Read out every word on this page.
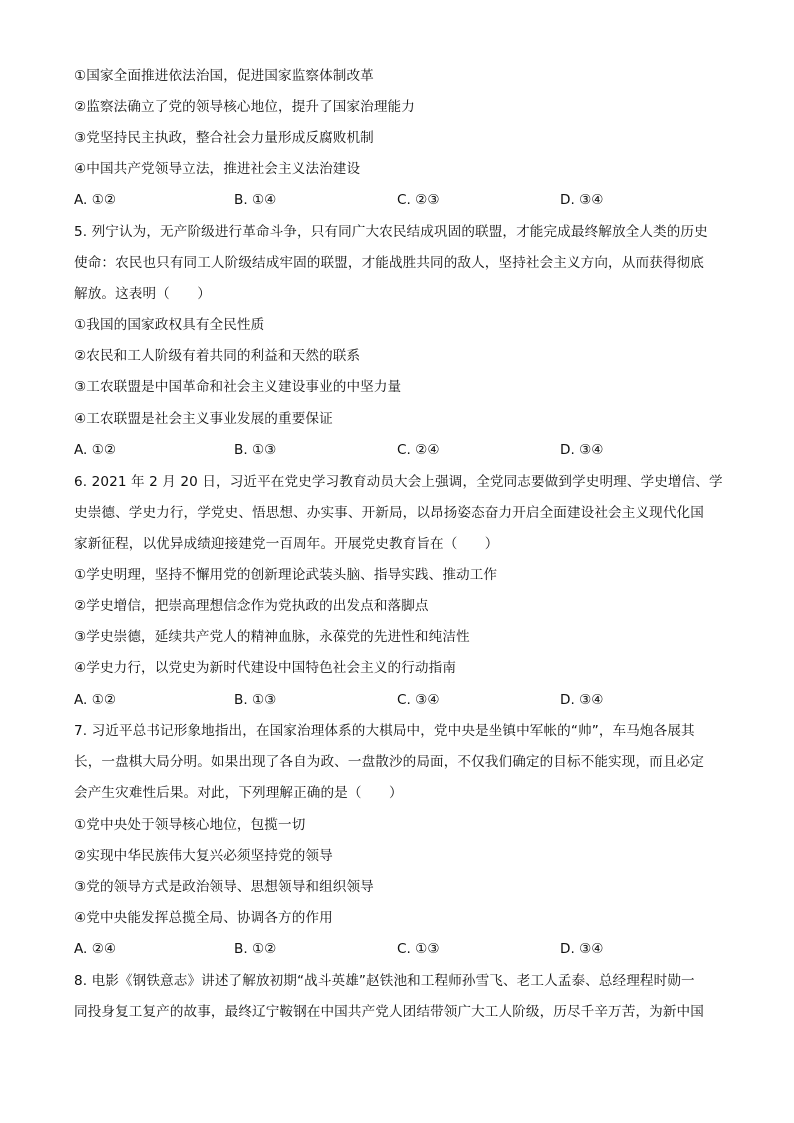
①国家全面推进依法治国，促进国家监察体制改革
②监察法确立了党的领导核心地位，提升了国家治理能力
③党坚持民主执政，整合社会力量形成反腐败机制
④中国共产党领导立法，推进社会主义法治建设
A. ①②	B. ①④	C. ②③	D. ③④
5. 列宁认为，无产阶级进行革命斗争，只有同广大农民结成巩固的联盟，才能完成最终解放全人类的历史
使命：农民也只有同工人阶级结成牢固的联盟，才能战胜共同的敌人，坚持社会主义方向，从而获得彻底
解放。这表明（　　）
①我国的国家政权具有全民性质
②农民和工人阶级有着共同的利益和天然的联系
③工农联盟是中国革命和社会主义建设事业的中坚力量
④工农联盟是社会主义事业发展的重要保证
A. ①②	B. ①③	C. ②④	D. ③④
6. 2021 年 2 月 20 日，习近平在党史学习教育动员大会上强调，全党同志要做到学史明理、学史增信、学
史崇德、学史力行，学党史、悟思想、办实事、开新局，以昂扬姿态奋力开启全面建设社会主义现代化国
家新征程，以优异成绩迎接建党一百周年。开展党史教育旨在（　　）
①学史明理，坚持不懈用党的创新理论武装头脑、指导实践、推动工作
②学史增信，把崇高理想信念作为党执政的出发点和落脚点
③学史崇德，延续共产党人的精神血脉，永葆党的先进性和纯洁性
④学史力行，以党史为新时代建设中国特色社会主义的行动指南
A. ①②	B. ①③	C. ③④	D. ③④
7. 习近平总书记形象地指出，在国家治理体系的大棋局中，党中央是坐镇中军帐的“帅”，车马炮各展其
长，一盘棋大局分明。如果出现了各自为政、一盘散沙的局面，不仅我们确定的目标不能实现，而且必定
会产生灾难性后果。对此，下列理解正确的是（　　）
①党中央处于领导核心地位，包揽一切
②实现中华民族伟大复兴必须坚持党的领导
③党的领导方式是政治领导、思想领导和组织领导
④党中央能发挥总揽全局、协调各方的作用
A. ②④	B. ①②	C. ①③	D. ③④
8. 电影《钢铁意志》讲述了解放初期“战斗英雄”赵铁池和工程师孙雪飞、老工人孟泰、总经理程时勋一
同投身复工复产的故事，最终辽宁鞍钢在中国共产党人团结带领广大工人阶级，历尽千辛万苦，为新中国
